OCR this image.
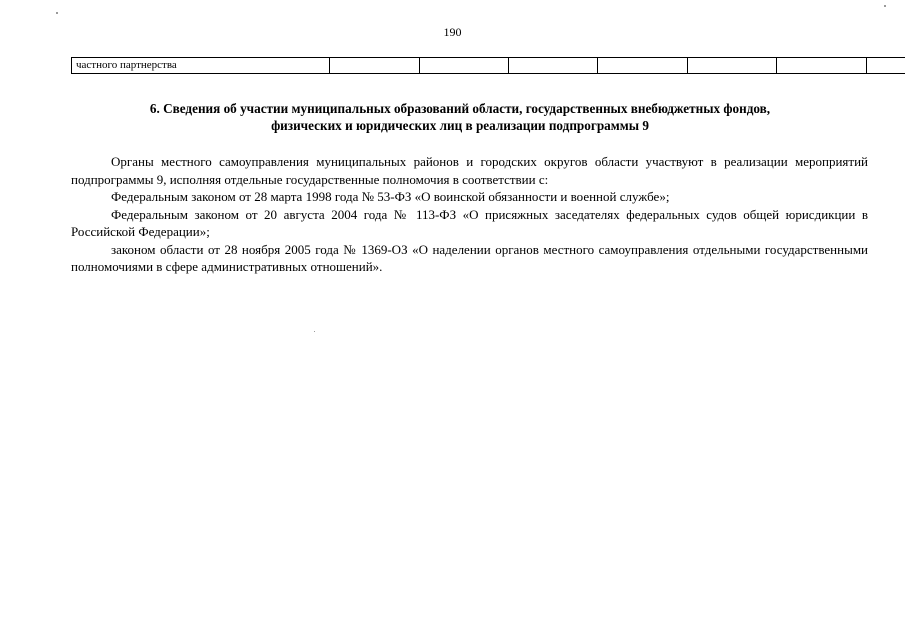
190
частного партнерства							
6. Сведения об участии муниципальных образований области, государственных внебюджетных фондов,
физических и юридических лиц в реализации подпрограммы 9

Органы местного самоуправления муниципальных районов и городских округов области участвуют в реализации мероприятий подпрограммы 9, исполняя отдельные государственные полномочия в соответствии с:

Федеральным законом от 28 марта 1998 года № 53-ФЗ «О воинской обязанности и военной службе»;

Федеральным законом от 20 августа 2004 года № 113-ФЗ «О присяжных заседателях федеральных судов общей юрисдикции в Российской Федерации»;

законом области от 28 ноября 2005 года № 1369-ОЗ «О наделении органов местного самоуправления отдельными государственными полномочиями в сфере административных отношений».
